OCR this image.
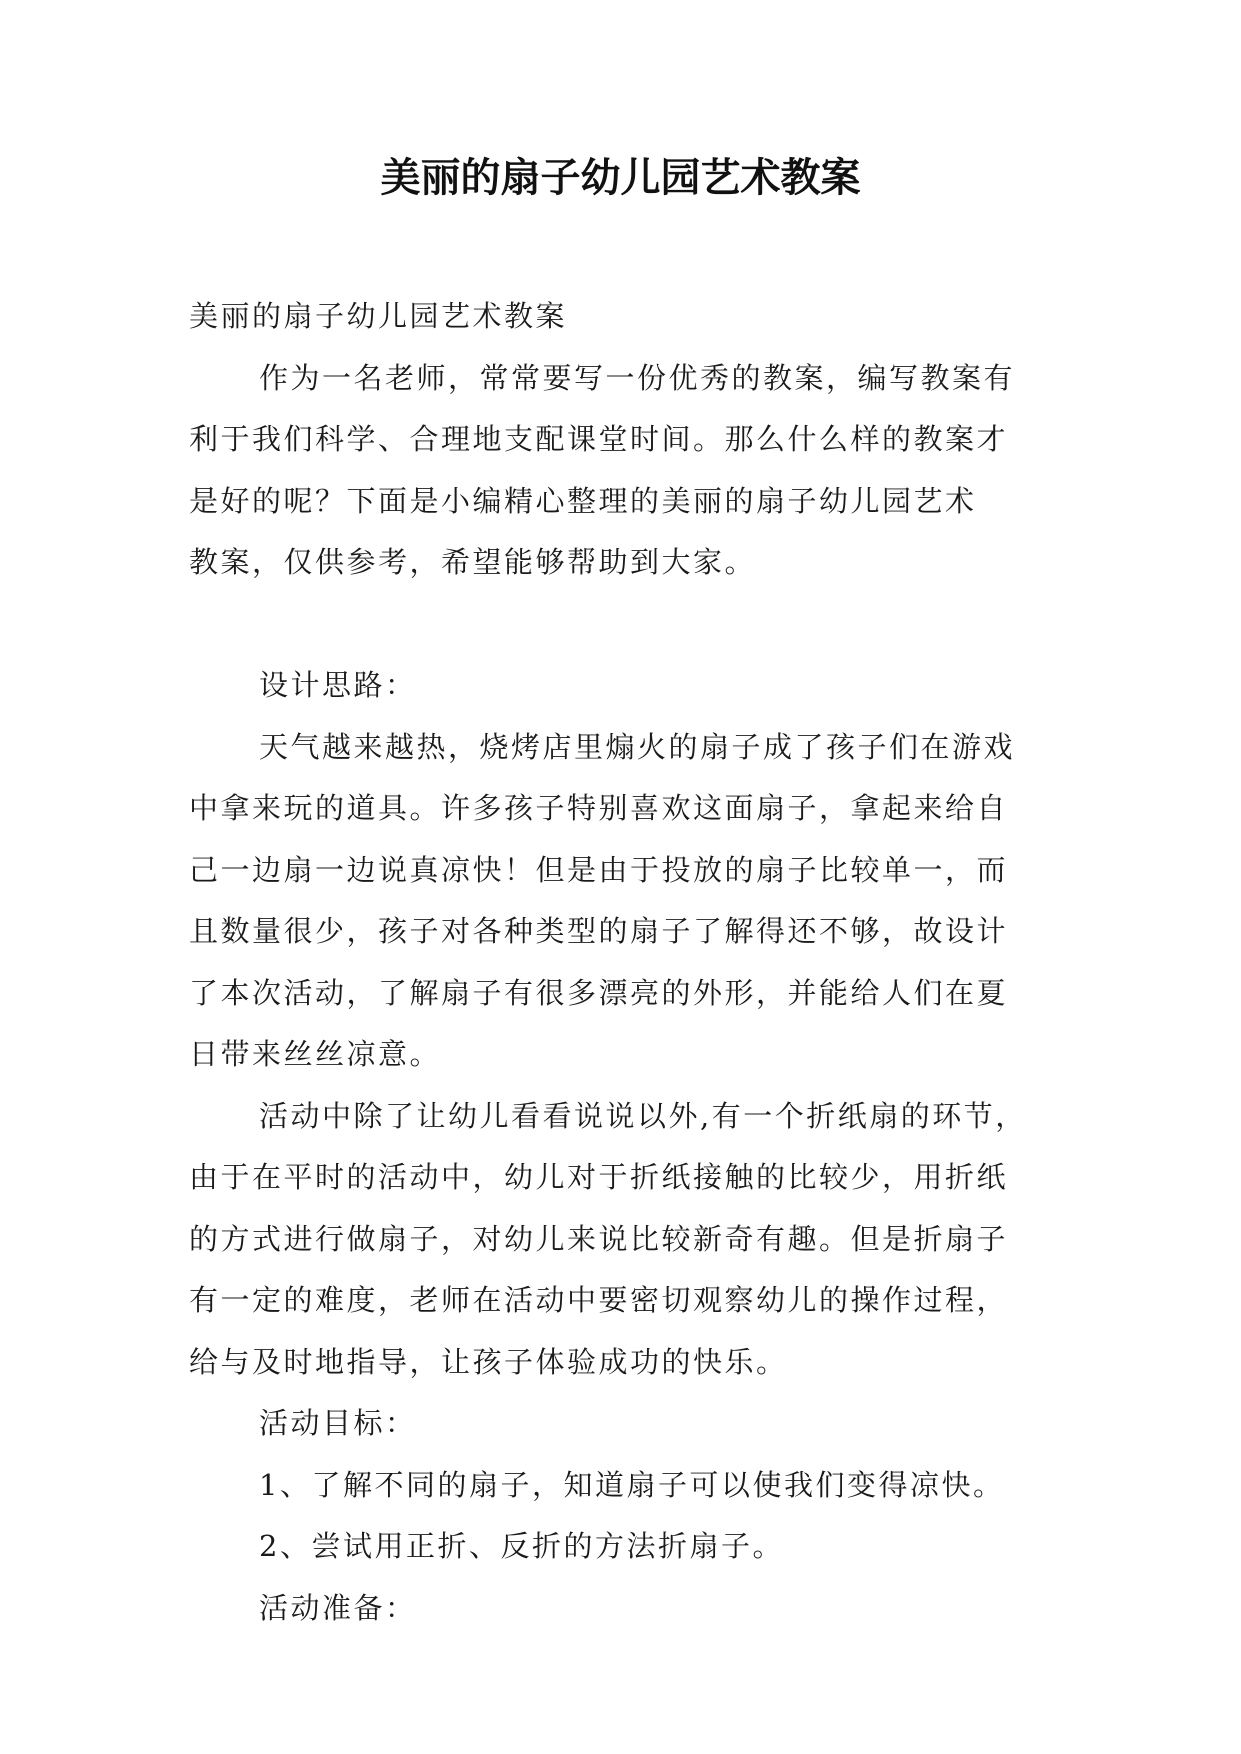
美丽的扇子幼儿园艺术教案
美丽的扇子幼儿园艺术教案
作为一名老师，常常要写一份优秀的教案，编写教案有
利于我们科学、合理地支配课堂时间。那么什么样的教案才
是好的呢？下面是小编精心整理的美丽的扇子幼儿园艺术
教案，仅供参考，希望能够帮助到大家。
设计思路：
天气越来越热，烧烤店里煽火的扇子成了孩子们在游戏
中拿来玩的道具。许多孩子特别喜欢这面扇子，拿起来给自
己一边扇一边说真凉快！但是由于投放的扇子比较单一，而
且数量很少，孩子对各种类型的扇子了解得还不够，故设计
了本次活动，了解扇子有很多漂亮的外形，并能给人们在夏
日带来丝丝凉意。
活动中除了让幼儿看看说说以外,有一个折纸扇的环节，
由于在平时的活动中，幼儿对于折纸接触的比较少，用折纸
的方式进行做扇子，对幼儿来说比较新奇有趣。但是折扇子
有一定的难度，老师在活动中要密切观察幼儿的操作过程，
给与及时地指导，让孩子体验成功的快乐。
活动目标：
1、了解不同的扇子，知道扇子可以使我们变得凉快。
2、尝试用正折、反折的方法折扇子。
活动准备：
